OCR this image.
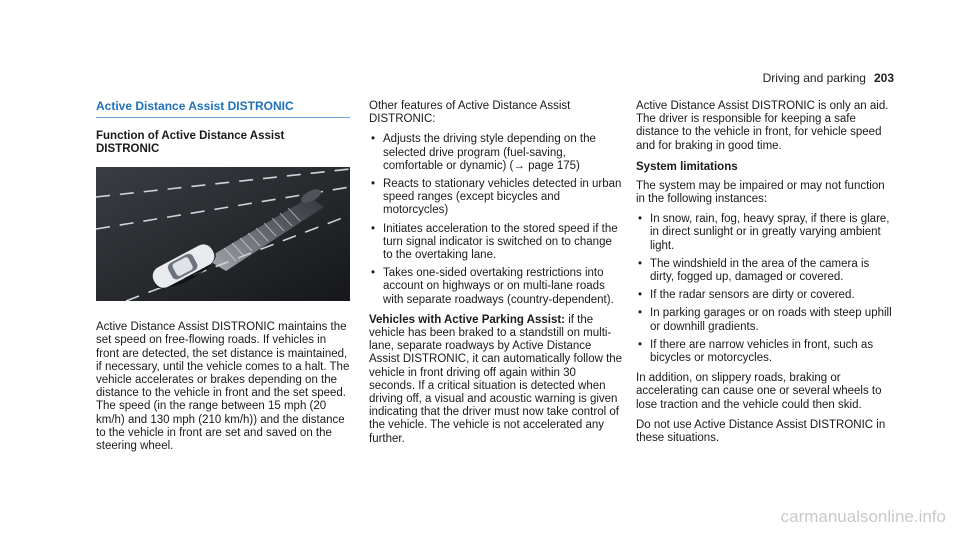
Driving and parking 203
Active Distance Assist DISTRONIC
Function of Active Distance Assist DISTRONIC

Active Distance Assist DISTRONIC maintains the set speed on free-flowing roads. If vehicles in front are detected, the set distance is maintained, if necessary, until the vehicle comes to a halt. The vehicle accelerates or brakes depending on the distance to the vehicle in front and the set speed. The speed (in the range between 15 mph (20 km/h) and 130 mph (210 km/h)) and the distance to the vehicle in front are set and saved on the steering wheel.

Other features of Active Distance Assist DISTRONIC:

• Adjusts the driving style depending on the selected drive program (fuel-saving, comfortable or dynamic) (→ page 175)
• Reacts to stationary vehicles detected in urban speed ranges (except bicycles and motorcycles)
• Initiates acceleration to the stored speed if the turn signal indicator is switched on to change to the overtaking lane.
• Takes one-sided overtaking restrictions into account on highways or on multi-lane roads with separate roadways (country-dependent).

Vehicles with Active Parking Assist: if the vehicle has been braked to a standstill on multi-lane, separate roadways by Active Distance Assist DISTRONIC, it can automatically follow the vehicle in front driving off again within 30 seconds. If a critical situation is detected when driving off, a visual and acoustic warning is given indicating that the driver must now take control of the vehicle. The vehicle is not accelerated any further.

Active Distance Assist DISTRONIC is only an aid. The driver is responsible for keeping a safe distance to the vehicle in front, for vehicle speed and for braking in good time.

System limitations

The system may be impaired or may not function in the following instances:

• In snow, rain, fog, heavy spray, if there is glare, in direct sunlight or in greatly varying ambient light.
• The windshield in the area of the camera is dirty, fogged up, damaged or covered.
• If the radar sensors are dirty or covered.
• In parking garages or on roads with steep uphill or downhill gradients.
• If there are narrow vehicles in front, such as bicycles or motorcycles.

In addition, on slippery roads, braking or accelerating can cause one or several wheels to lose traction and the vehicle could then skid.

Do not use Active Distance Assist DISTRONIC in these situations.

carmanualsonline.info
